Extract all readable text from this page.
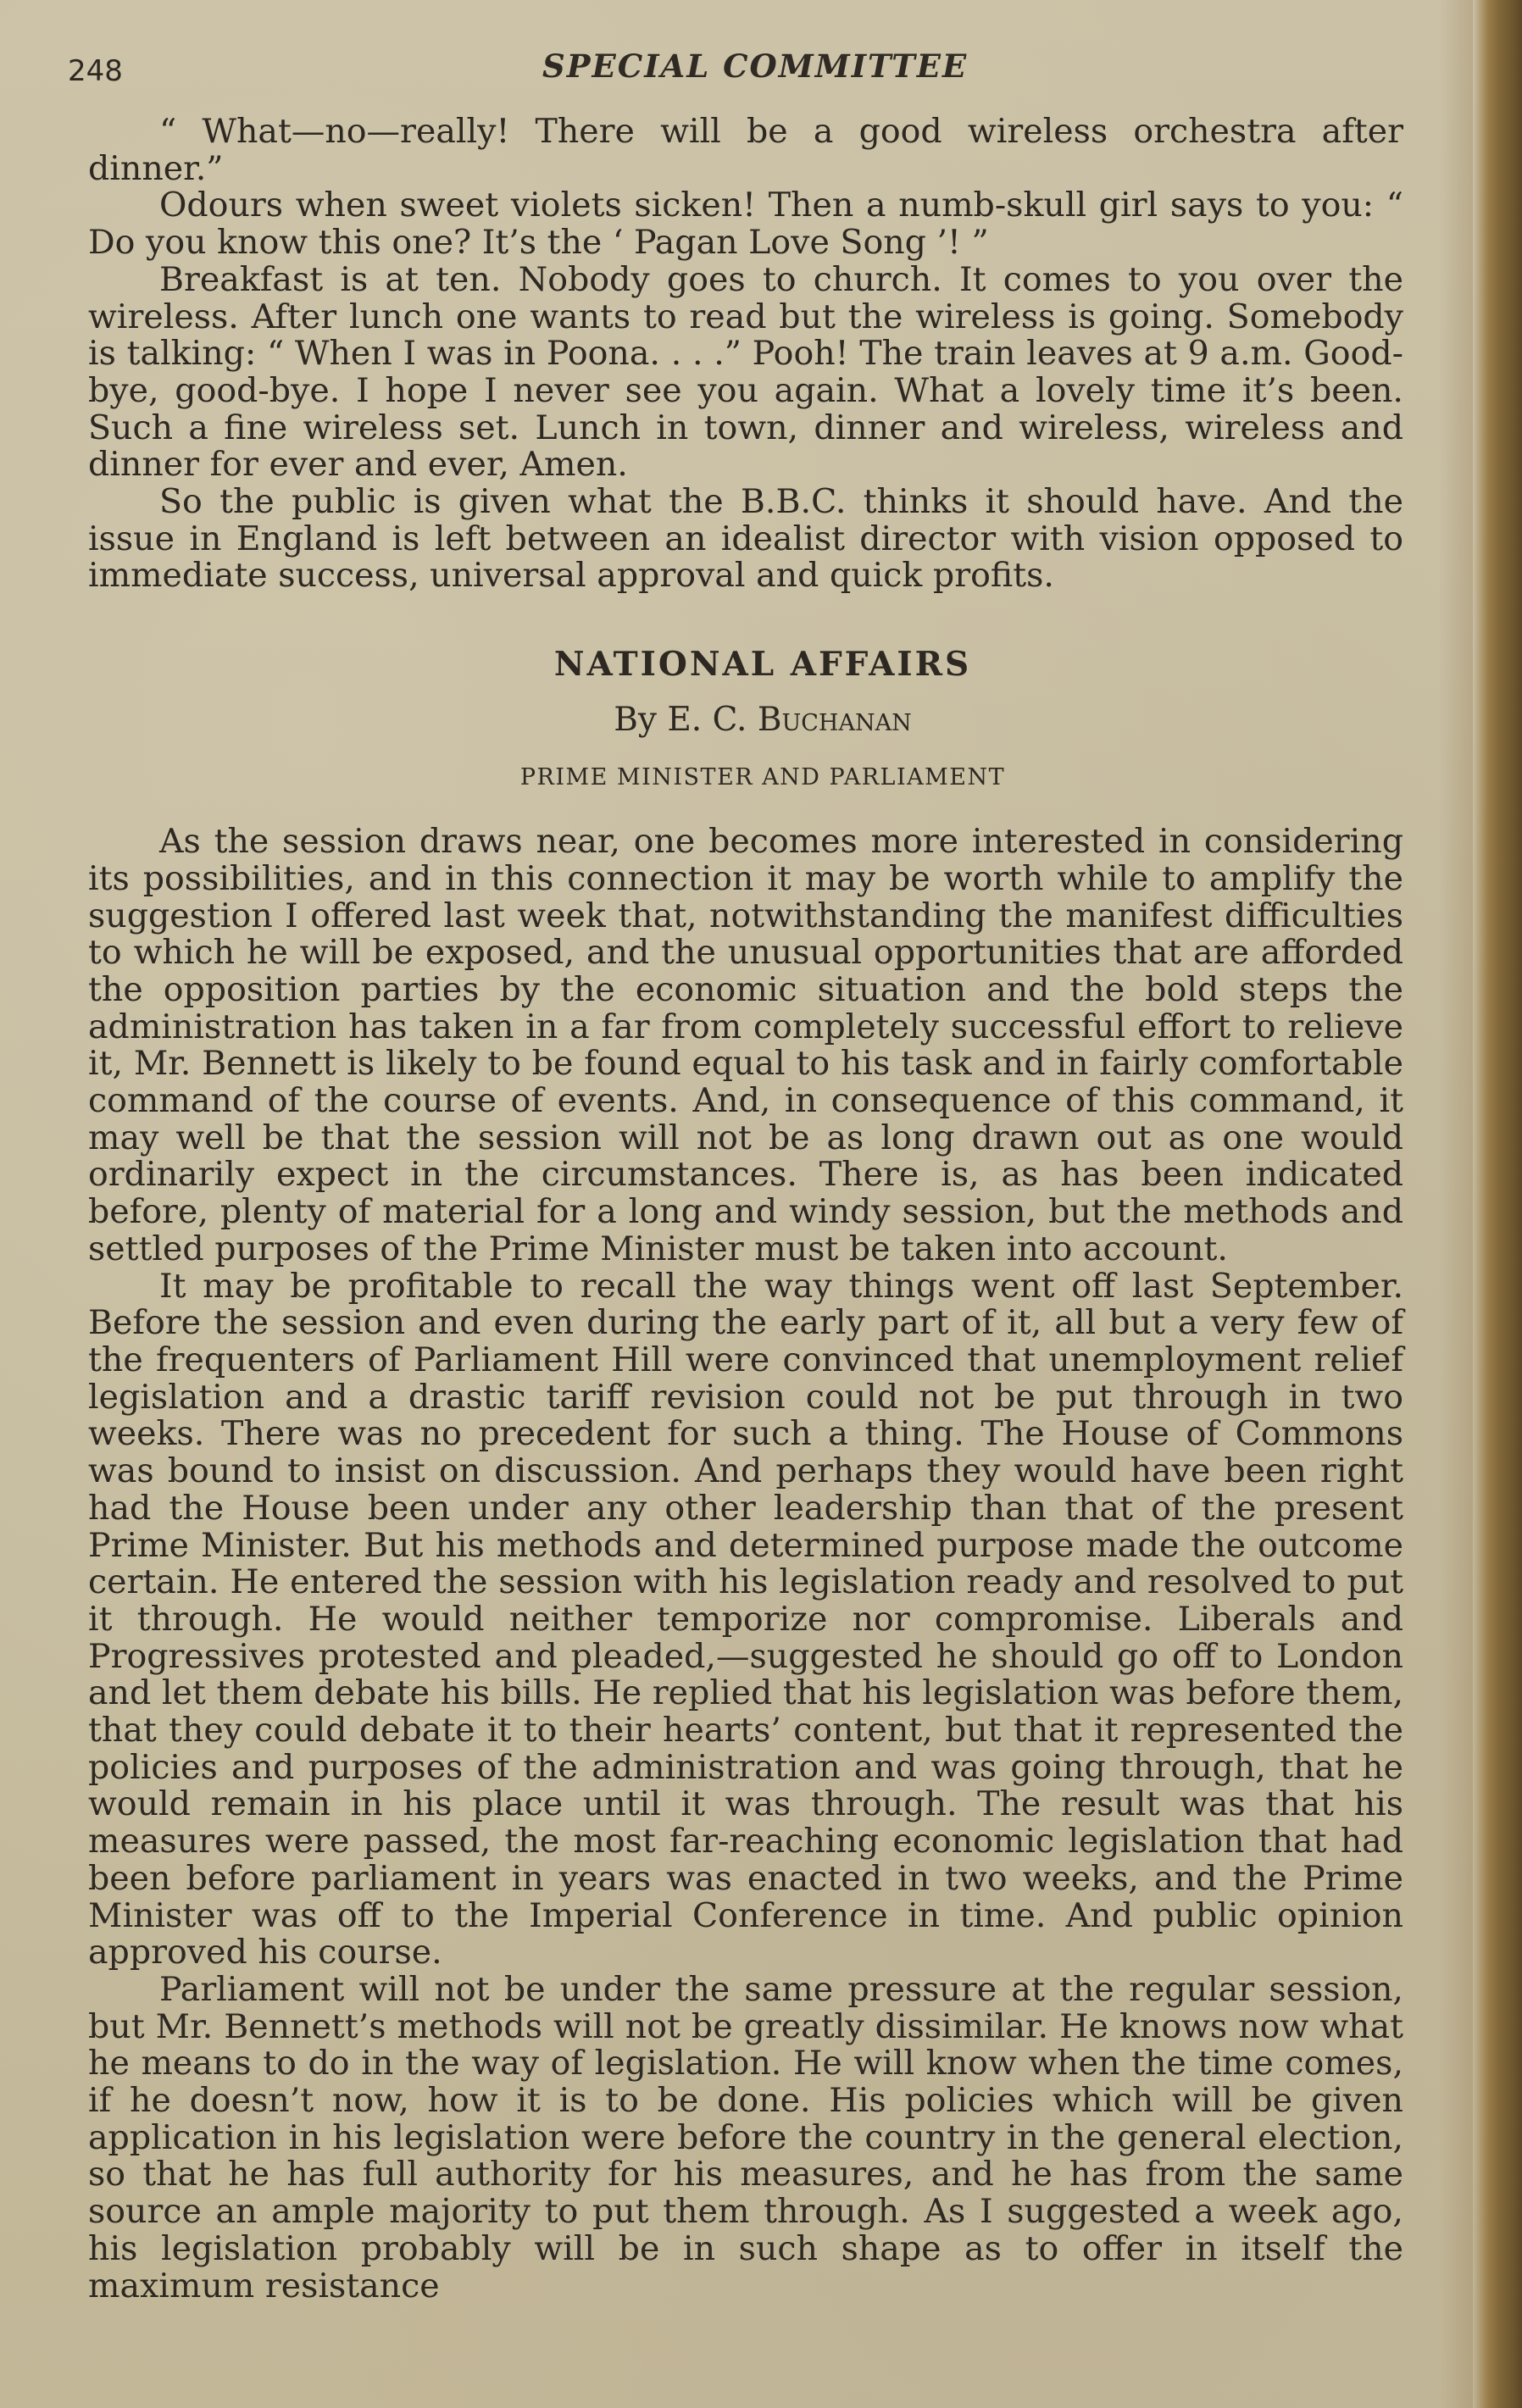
248	SPECIAL COMMITTEE

“ What—no—really! There will be a good wireless orchestra after dinner.”

Odours when sweet violets sicken! Then a numb-skull girl says to you: “ Do you know this one? It’s the ‘ Pagan Love Song ’! ”

Breakfast is at ten. Nobody goes to church. It comes to you over the wireless. After lunch one wants to read but the wireless is going. Somebody is talking: “ When I was in Poona. . . .” Pooh! The train leaves at 9 a.m. Good-bye, good-bye. I hope I never see you again. What a lovely time it’s been. Such a fine wireless set. Lunch in town, dinner and wireless, wireless and dinner for ever and ever, Amen.

So the public is given what the B.B.C. thinks it should have. And the issue in England is left between an idealist director with vision opposed to immediate success, universal approval and quick profits.

NATIONAL AFFAIRS

By E. C. Buchanan

PRIME MINISTER AND PARLIAMENT

As the session draws near, one becomes more interested in considering its possibilities, and in this connection it may be worth while to amplify the suggestion I offered last week that, notwithstanding the manifest difficulties to which he will be exposed, and the unusual opportunities that are afforded the opposition parties by the economic situation and the bold steps the administration has taken in a far from completely successful effort to relieve it, Mr. Bennett is likely to be found equal to his task and in fairly comfortable command of the course of events. And, in consequence of this command, it may well be that the session will not be as long drawn out as one would ordinarily expect in the circumstances. There is, as has been indicated before, plenty of material for a long and windy session, but the methods and settled purposes of the Prime Minister must be taken into account.

It may be profitable to recall the way things went off last September. Before the session and even during the early part of it, all but a very few of the frequenters of Parliament Hill were convinced that unemployment relief legislation and a drastic tariff revision could not be put through in two weeks. There was no precedent for such a thing. The House of Commons was bound to insist on discussion. And perhaps they would have been right had the House been under any other leadership than that of the present Prime Minister. But his methods and determined purpose made the outcome certain. He entered the session with his legislation ready and resolved to put it through. He would neither temporize nor compromise. Liberals and Progressives protested and pleaded,—suggested he should go off to London and let them debate his bills. He replied that his legislation was before them, that they could debate it to their hearts’ content, but that it represented the policies and purposes of the administration and was going through, that he would remain in his place until it was through. The result was that his measures were passed, the most far-reaching economic legislation that had been before parliament in years was enacted in two weeks, and the Prime Minister was off to the Imperial Conference in time. And public opinion approved his course.

Parliament will not be under the same pressure at the regular session, but Mr. Bennett’s methods will not be greatly dissimilar. He knows now what he means to do in the way of legislation. He will know when the time comes, if he doesn’t now, how it is to be done. His policies which will be given application in his legislation were before the country in the general election, so that he has full authority for his measures, and he has from the same source an ample majority to put them through. As I suggested a week ago, his legislation probably will be in such shape as to offer in itself the maximum resistance
